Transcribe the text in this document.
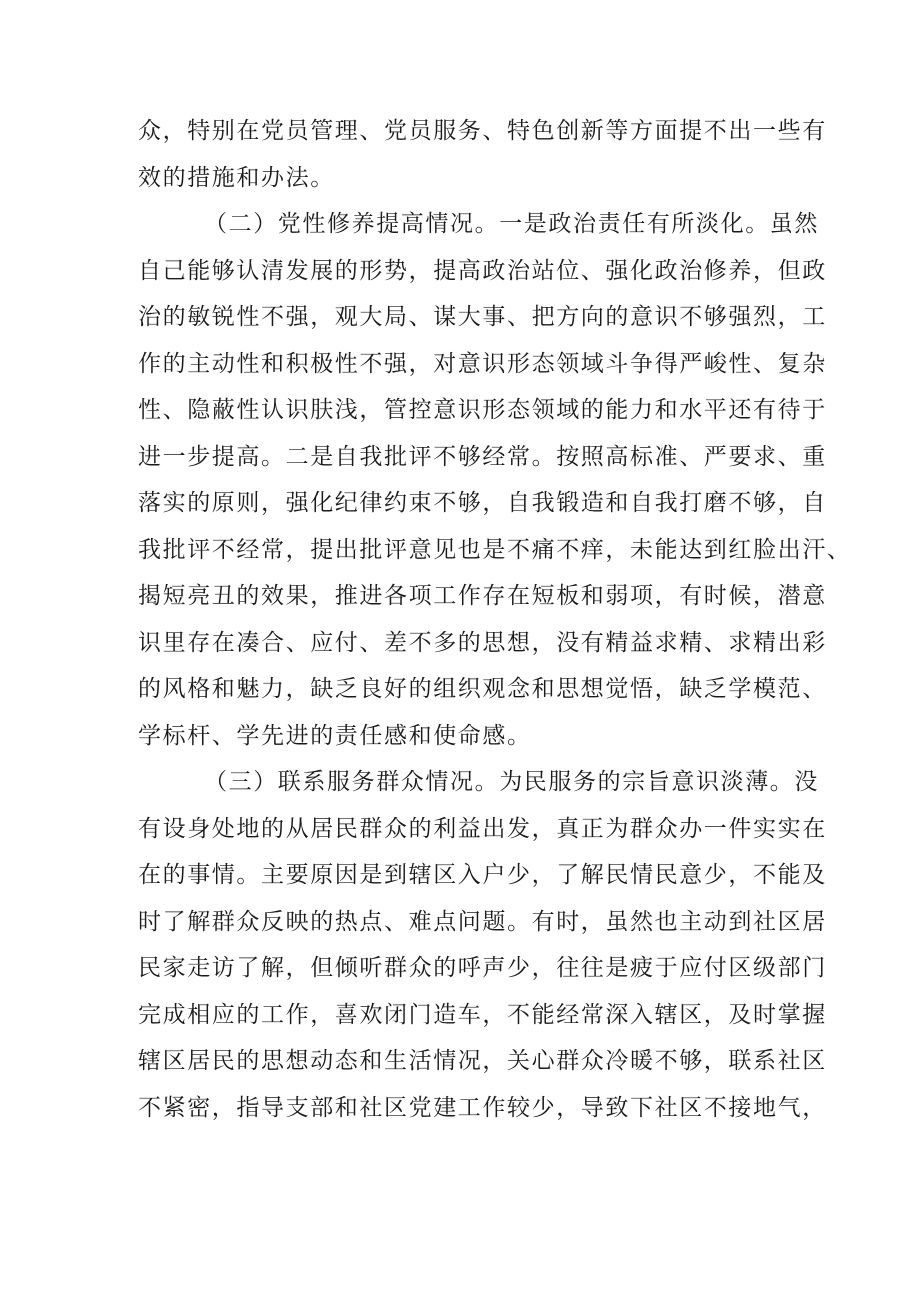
众，特别在党员管理、党员服务、特色创新等方面提不出一些有
效的措施和办法。
（二）党性修养提高情况。一是政治责任有所淡化。虽然
自己能够认清发展的形势，提高政治站位、强化政治修养，但政
治的敏锐性不强，观大局、谋大事、把方向的意识不够强烈，工
作的主动性和积极性不强，对意识形态领域斗争得严峻性、复杂
性、隐蔽性认识肤浅，管控意识形态领域的能力和水平还有待于
进一步提高。二是自我批评不够经常。按照高标准、严要求、重
落实的原则，强化纪律约束不够，自我锻造和自我打磨不够，自
我批评不经常，提出批评意见也是不痛不痒，未能达到红脸出汗、
揭短亮丑的效果，推进各项工作存在短板和弱项，有时候，潜意
识里存在凑合、应付、差不多的思想，没有精益求精、求精出彩
的风格和魅力，缺乏良好的组织观念和思想觉悟，缺乏学模范、
学标杆、学先进的责任感和使命感。
（三）联系服务群众情况。为民服务的宗旨意识淡薄。没
有设身处地的从居民群众的利益出发，真正为群众办一件实实在
在的事情。主要原因是到辖区入户少，了解民情民意少，不能及
时了解群众反映的热点、难点问题。有时，虽然也主动到社区居
民家走访了解，但倾听群众的呼声少，往往是疲于应付区级部门
完成相应的工作，喜欢闭门造车，不能经常深入辖区，及时掌握
辖区居民的思想动态和生活情况，关心群众冷暖不够，联系社区
不紧密，指导支部和社区党建工作较少，导致下社区不接地气，
